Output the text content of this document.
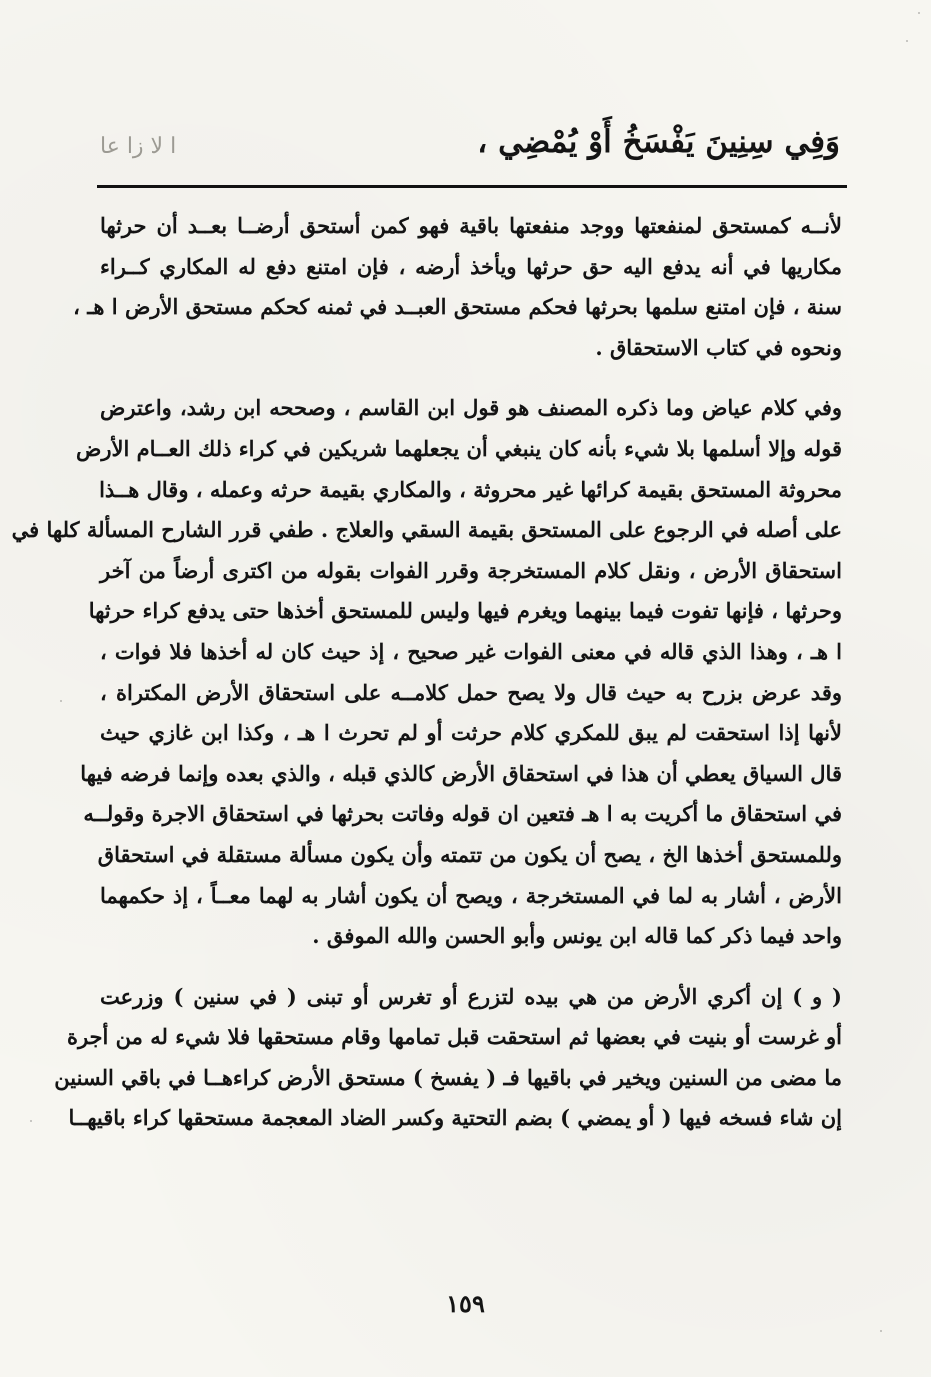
وَفِي سِنِينَ يَفْسَخُ أَوْ يُمْضِي ،
ا لا زا عا
لأنــه كمستحق لمنفعتها ووجد منفعتها باقية فهو كمن أستحق أرضــا بعــد أن حرثها
مكاريها في أنه يدفع اليه حق حرثها ويأخذ أرضه ، فإن امتنع دفع له المكاري كــراء
سنة ، فإن امتنع سلمها بحرثها فحكم مستحق العبــد في ثمنه كحكم مستحق الأرض ا هـ ،
ونحوه في كتاب الاستحقاق .
وفي كلام عياض وما ذكره المصنف هو قول ابن القاسم ، وصححه ابن رشد، واعترض
قوله وإلا أسلمها بلا شيء بأنه كان ينبغي أن يجعلهما شريكين في كراء ذلك العــام الأرض
محروثة المستحق بقيمة كرائها غير محروثة ، والمكاري بقيمة حرثه وعمله ، وقال هــذا
على أصله في الرجوع على المستحق بقيمة السقي والعلاج . طفي قرر الشارح المسألة كلها في
استحقاق الأرض ، ونقل كلام المستخرجة وقرر الفوات بقوله من اكترى أرضاً من آخر
وحرثها ، فإنها تفوت فيما بينهما ويغرم فيها وليس للمستحق أخذها حتى يدفع كراء حرثها
ا هـ ، وهذا الذي قاله في معنى الفوات غير صحيح ، إذ حيث كان له أخذها فلا فوات ،
وقد عرض بزرح به حيث قال ولا يصح حمل كلامــه على استحقاق الأرض المكتراة ،
لأنها إذا استحقت لم يبق للمكري كلام حرثت أو لم تحرث ا هـ ، وكذا ابن غازي حيث
قال السياق يعطي أن هذا في استحقاق الأرض كالذي قبله ، والذي بعده وإنما فرضه فيها
في استحقاق ما أكريت به ا هـ فتعين ان قوله وفاتت بحرثها في استحقاق الاجرة وقولــه
وللمستحق أخذها الخ ، يصح أن يكون من تتمته وأن يكون مسألة مستقلة في استحقاق
الأرض ، أشار به لما في المستخرجة ، ويصح أن يكون أشار به لهما معــاً ، إذ حكمهما
واحد فيما ذكر كما قاله ابن يونس وأبو الحسن والله الموفق .
( و ) إن أكري الأرض من هي بيده لتزرع أو تغرس أو تبنى ( في سنين ) وزرعت
أو غرست أو بنيت في بعضها ثم استحقت قبل تمامها وقام مستحقها فلا شيء له من أجرة
ما مضى من السنين ويخير في باقيها فـ ( يفسخ ) مستحق الأرض كراءهــا في باقي السنين
إن شاء فسخه فيها ( أو يمضي ) بضم التحتية وكسر الضاد المعجمة مستحقها كراء باقيهــا
١٥٩
